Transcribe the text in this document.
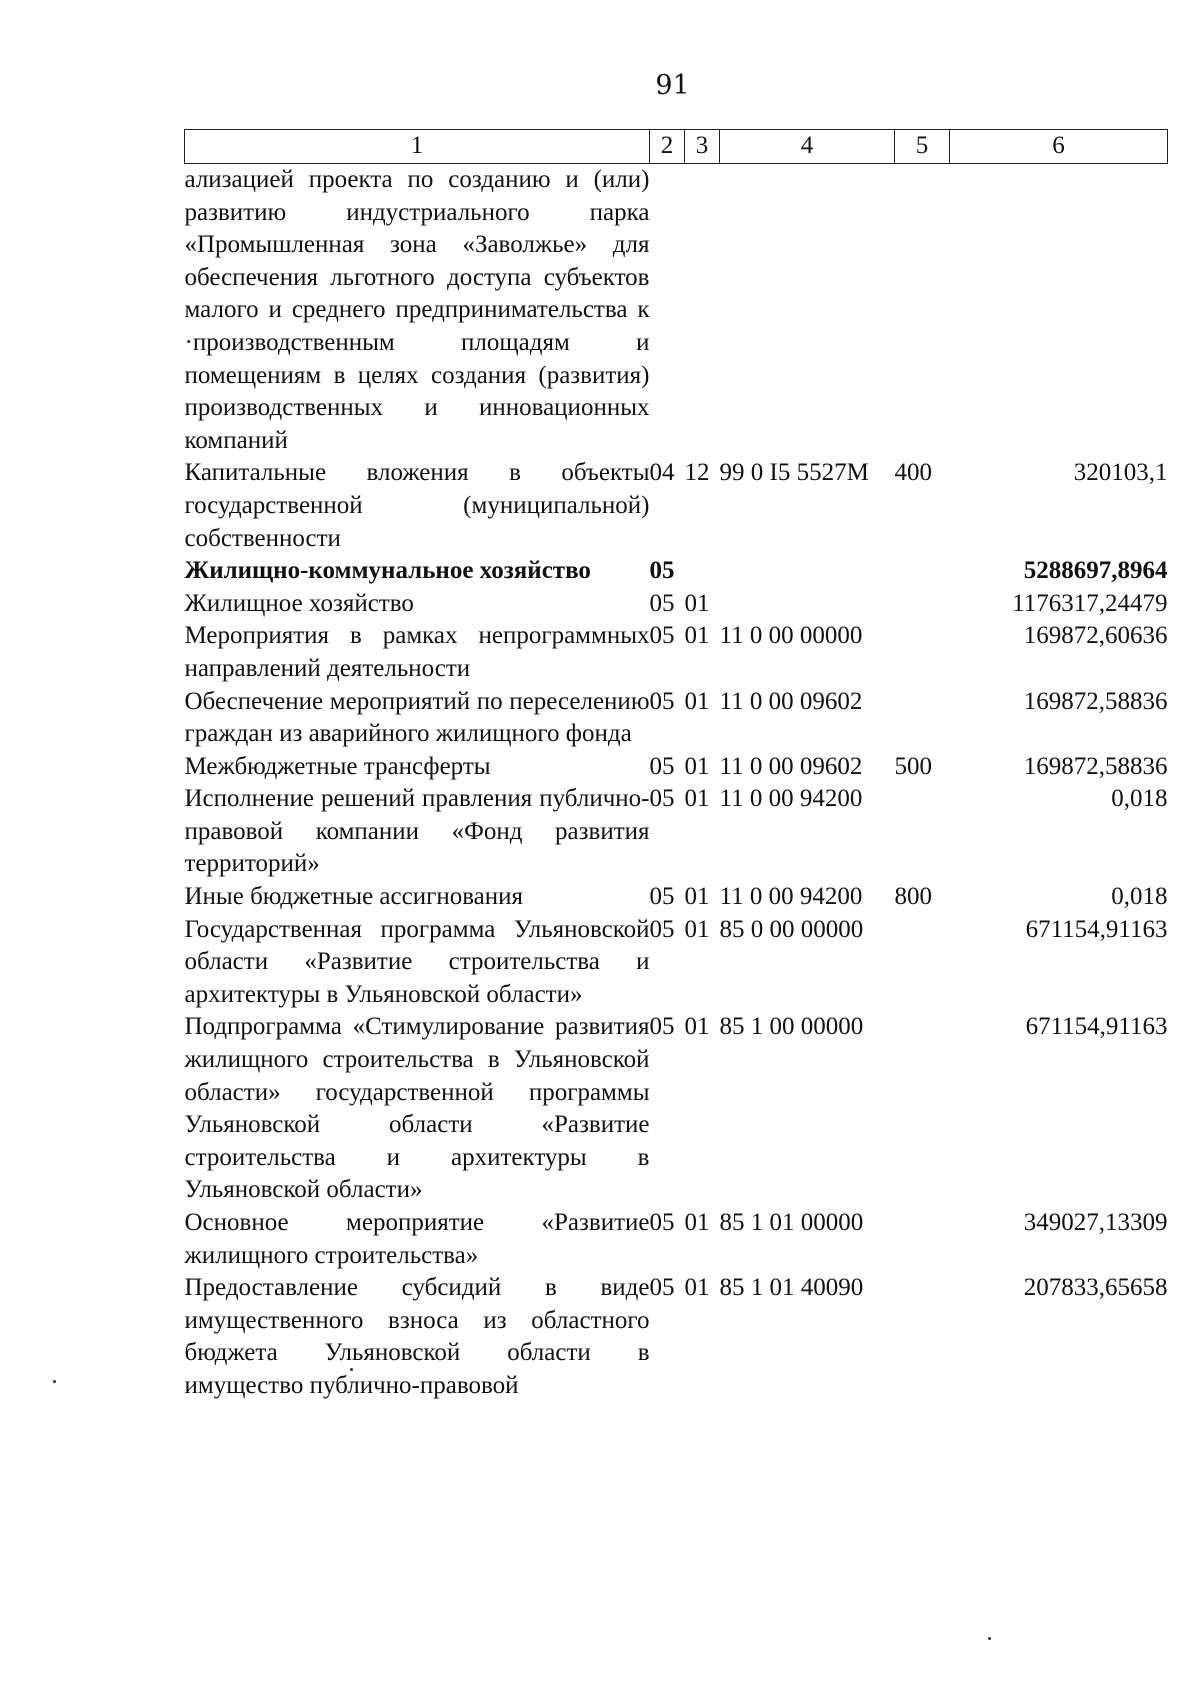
91
1	2	3	4	5	6
ализацией проекта по созданию и (или) развитию индустриального парка «Промышленная зона «Заволжье» для обеспечения льготного доступа субъектов малого и среднего предпринимательства к ·производственным площадям и помещениям в целях создания (развития) производственных и инновационных компаний					
Капитальные вложения в объекты государственной (муниципальной) собственности	04	12	99 0 I5 5527M	400	320103,1
Жилищно-коммунальное хозяйство	05				5288697,8964
Жилищное хозяйство	05	01			1176317,24479
Мероприятия в рамках непрограммных направлений деятельности	05	01	11 0 00 00000		169872,60636
Обеспечение мероприятий по переселению граждан из аварийного жилищного фонда	05	01	11 0 00 09602		169872,58836
Межбюджетные трансферты	05	01	11 0 00 09602	500	169872,58836
Исполнение решений правления публично-правовой компании «Фонд развития территорий»	05	01	11 0 00 94200		0,018
Иные бюджетные ассигнования	05	01	11 0 00 94200	800	0,018
Государственная программа Ульяновской области «Развитие строительства и архитектуры в Ульяновской области»	05	01	85 0 00 00000		671154,91163
Подпрограмма «Стимулирование развития жилищного строительства в Ульяновской области» государственной программы Ульяновской области «Развитие строительства и архитектуры в Ульяновской области»	05	01	85 1 00 00000		671154,91163
Основное мероприятие «Развитие жилищного строительства»	05	01	85 1 01 00000		349027,13309
Предоставление субсидий в виде имущественного взноса из областного бюджета Ульяновской области в имущество публично-правовой	05	01	85 1 01 40090		207833,65658
